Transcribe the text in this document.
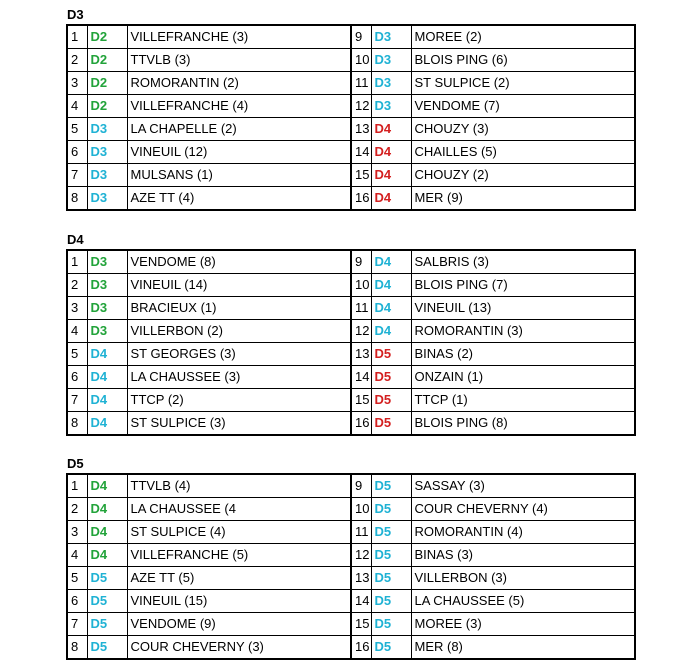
D3
1	D2	VILLEFRANCHE (3)	9	D3	MOREE (2)
2	D2	TTVLB (3)	10	D3	BLOIS PING (6)
3	D2	ROMORANTIN (2)	11	D3	ST SULPICE (2)
4	D2	VILLEFRANCHE (4)	12	D3	VENDOME (7)
5	D3	LA CHAPELLE (2)	13	D4	CHOUZY (3)
6	D3	VINEUIL (12)	14	D4	CHAILLES (5)
7	D3	MULSANS (1)	15	D4	CHOUZY (2)
8	D3	AZE TT (4)	16	D4	MER (9)
D4
1	D3	VENDOME (8)	9	D4	SALBRIS (3)
2	D3	VINEUIL (14)	10	D4	BLOIS PING (7)
3	D3	BRACIEUX (1)	11	D4	VINEUIL (13)
4	D3	VILLERBON (2)	12	D4	ROMORANTIN (3)
5	D4	ST GEORGES (3)	13	D5	BINAS (2)
6	D4	LA CHAUSSEE (3)	14	D5	ONZAIN (1)
7	D4	TTCP (2)	15	D5	TTCP (1)
8	D4	ST SULPICE (3)	16	D5	BLOIS PING (8)
D5
1	D4	TTVLB (4)	9	D5	SASSAY (3)
2	D4	LA CHAUSSEE (4	10	D5	COUR CHEVERNY (4)
3	D4	ST SULPICE (4)	11	D5	ROMORANTIN (4)
4	D4	VILLEFRANCHE (5)	12	D5	BINAS (3)
5	D5	AZE TT (5)	13	D5	VILLERBON (3)
6	D5	VINEUIL (15)	14	D5	LA CHAUSSEE (5)
7	D5	VENDOME (9)	15	D5	MOREE (3)
8	D5	COUR CHEVERNY (3)	16	D5	MER (8)
